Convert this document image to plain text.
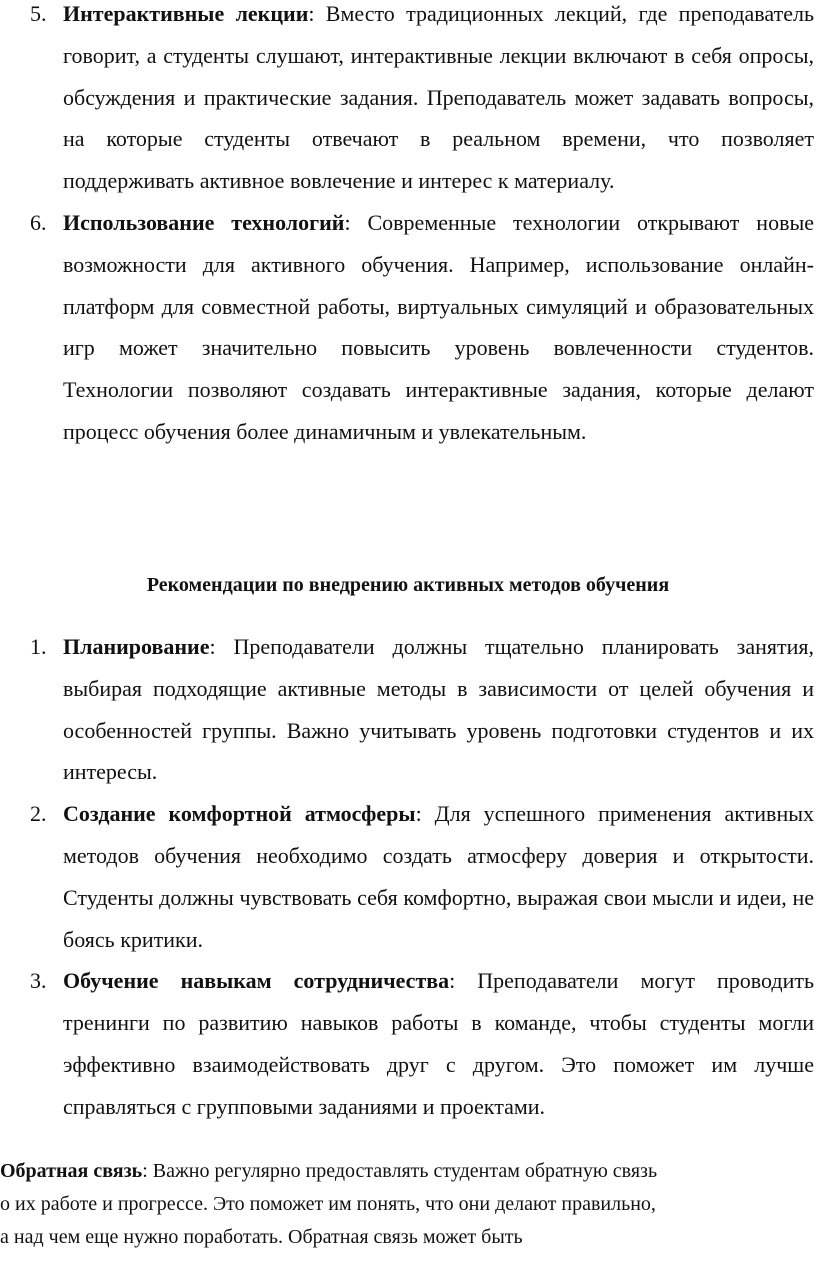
5. Интерактивные лекции: Вместо традиционных лекций, где преподаватель говорит, а студенты слушают, интерактивные лекции включают в себя опросы, обсуждения и практические задания. Преподаватель может задавать вопросы, на которые студенты отвечают в реальном времени, что позволяет поддерживать активное вовлечение и интерес к материалу.
6. Использование технологий: Современные технологии открывают новые возможности для активного обучения. Например, использование онлайн-платформ для совместной работы, виртуальных симуляций и образовательных игр может значительно повысить уровень вовлеченности студентов. Технологии позволяют создавать интерактивные задания, которые делают процесс обучения более динамичным и увлекательным.
Рекомендации по внедрению активных методов обучения
1. Планирование: Преподаватели должны тщательно планировать занятия, выбирая подходящие активные методы в зависимости от целей обучения и особенностей группы. Важно учитывать уровень подготовки студентов и их интересы.
2. Создание комфортной атмосферы: Для успешного применения активных методов обучения необходимо создать атмосферу доверия и открытости. Студенты должны чувствовать себя комфортно, выражая свои мысли и идеи, не боясь критики.
3. Обучение навыкам сотрудничества: Преподаватели могут проводить тренинги по развитию навыков работы в команде, чтобы студенты могли эффективно взаимодействовать друг с другом. Это поможет им лучше справляться с групповыми заданиями и проектами.
Обратная связь: Важно регулярно предоставлять студентам обратную связь
о их работе и прогрессе. Это поможет им понять, что они делают правильно,
а над чем еще нужно поработать. Обратная связь может быть
